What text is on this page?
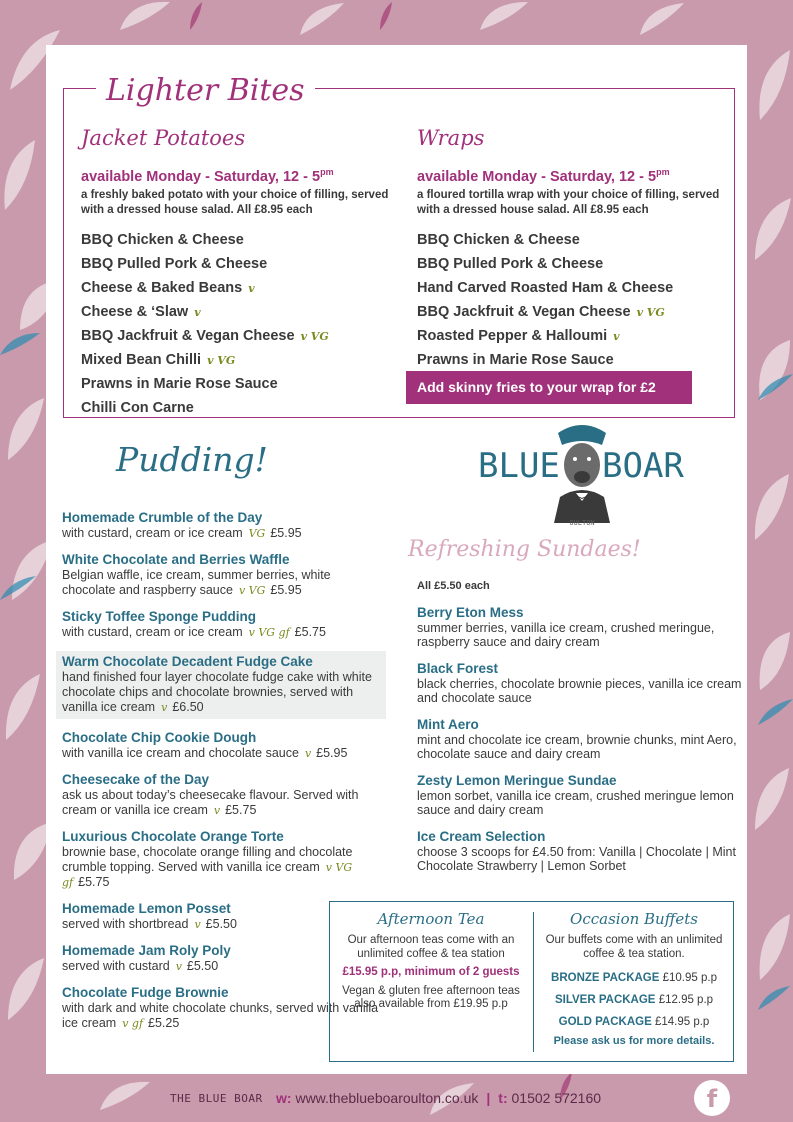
Lighter Bites
Jacket Potatoes
available Monday - Saturday, $12 - 5^{pm}$
a freshly baked potato with your choice of filling, served with a dressed house salad. All £8.95 each
BBQ Chicken & Cheese
BBQ Pulled Pork & Cheese
Cheese & Baked Beans v
Cheese & ‘Slaw v
BBQ Jackfruit & Vegan Cheese v VG
Mixed Bean Chilli v VG
Prawns in Marie Rose Sauce
Chilli Con Carne
Wraps
available Monday - Saturday, $12 - 5^{pm}$
a floured tortilla wrap with your choice of filling, served with a dressed house salad. All £8.95 each
BBQ Chicken & Cheese
BBQ Pulled Pork & Cheese
Hand Carved Roasted Ham & Cheese
BBQ Jackfruit & Vegan Cheese v VG
Roasted Pepper & Halloumi v
Prawns in Marie Rose Sauce
Add skinny fries to your wrap for £2
Pudding!
Homemade Crumble of the Day
with custard, cream or ice cream VG £5.95
White Chocolate and Berries Waffle
Belgian waffle, ice cream, summer berries, white chocolate and raspberry sauce v VG £5.95
Sticky Toffee Sponge Pudding
with custard, cream or ice cream v VG gf £5.75
Warm Chocolate Decadent Fudge Cake
hand finished four layer chocolate fudge cake with white chocolate chips and chocolate brownies, served with vanilla ice cream v £6.50
Chocolate Chip Cookie Dough
with vanilla ice cream and chocolate sauce v £5.95
Cheesecake of the Day
ask us about today’s cheesecake flavour. Served with cream or vanilla ice cream v £5.75
Luxurious Chocolate Orange Torte
brownie base, chocolate orange filling and chocolate crumble topping. Served with vanilla ice cream v VG gf £5.75
Homemade Lemon Posset
served with shortbread v £5.50
Homemade Jam Roly Poly
served with custard v £5.50
Chocolate Fudge Brownie
with dark and white chocolate chunks, served with vanilla ice cream v gf £5.25
BLUE BOAR
OULTON
Refreshing Sundaes!
All £5.50 each
Berry Eton Mess
summer berries, vanilla ice cream, crushed meringue, raspberry sauce and dairy cream
Black Forest
black cherries, chocolate brownie pieces, vanilla ice cream and chocolate sauce
Mint Aero
mint and chocolate ice cream, brownie chunks, mint Aero, chocolate sauce and dairy cream
Zesty Lemon Meringue Sundae
lemon sorbet, vanilla ice cream, crushed meringue lemon sauce and dairy cream
Ice Cream Selection
choose 3 scoops for £4.50 from: Vanilla | Chocolate | Mint Chocolate Strawberry | Lemon Sorbet
Afternoon Tea
Our afternoon teas come with an unlimited coffee & tea station
£15.95 p.p, minimum of 2 guests
Vegan & gluten free afternoon teas also available from £19.95 p.p
Occasion Buffets
Our buffets come with an unlimited coffee & tea station.
BRONZE PACKAGE £10.95 p.p
SILVER PACKAGE £12.95 p.p
GOLD PACKAGE £14.95 p.p
Please ask us for more details.
THE BLUE BOAR w: www.theblueboaroulton.co.uk | t: 01502 572160	f
